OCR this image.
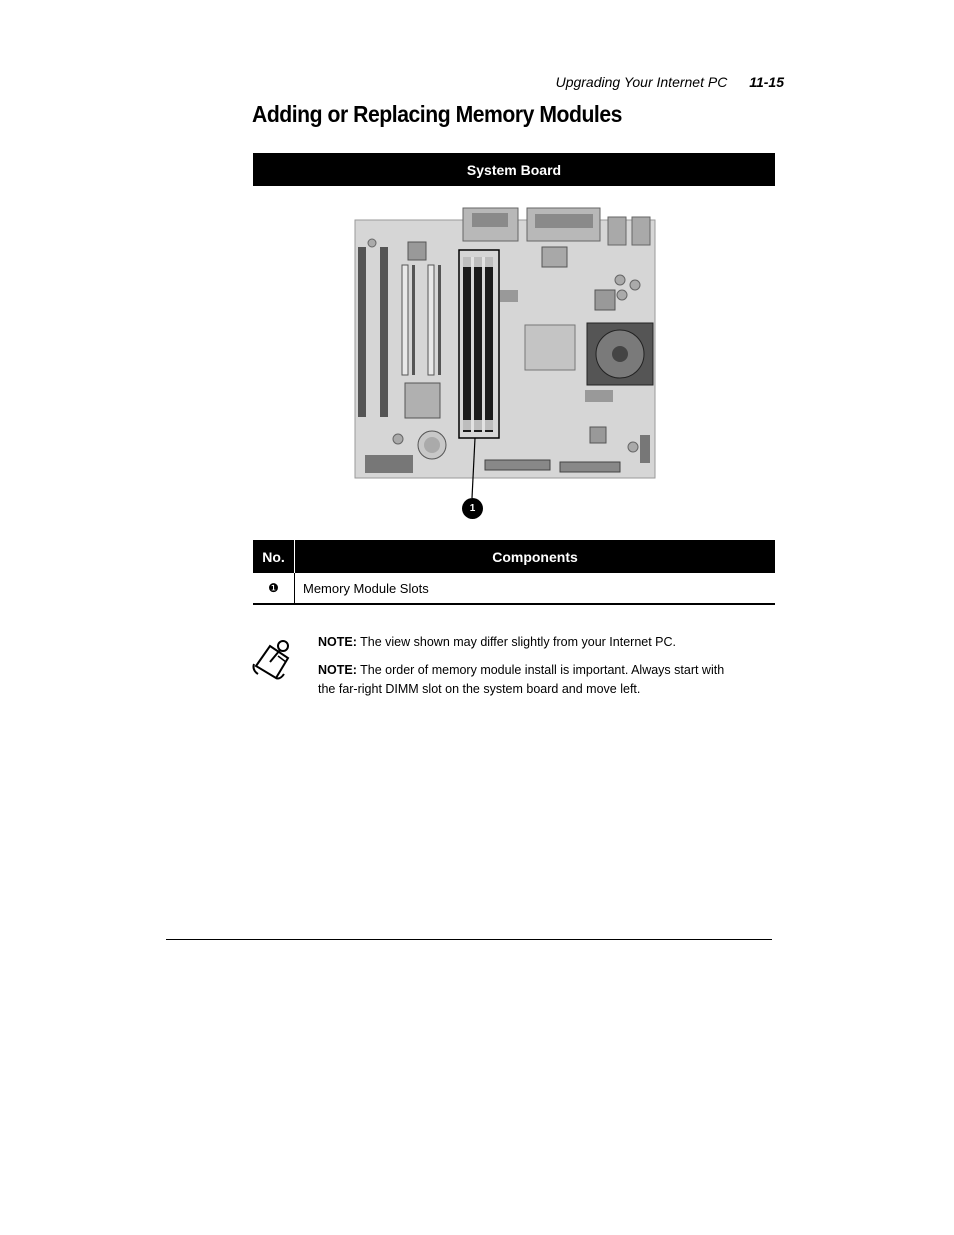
Upgrading Your Internet PC 11-15
Adding or Replacing Memory Modules
System Board
1
No.	Components
❶	Memory Module Slots

NOTE: The view shown may differ slightly from your Internet PC.

NOTE: The order of memory module install is important. Always start with the far-right DIMM slot on the system board and move left.
